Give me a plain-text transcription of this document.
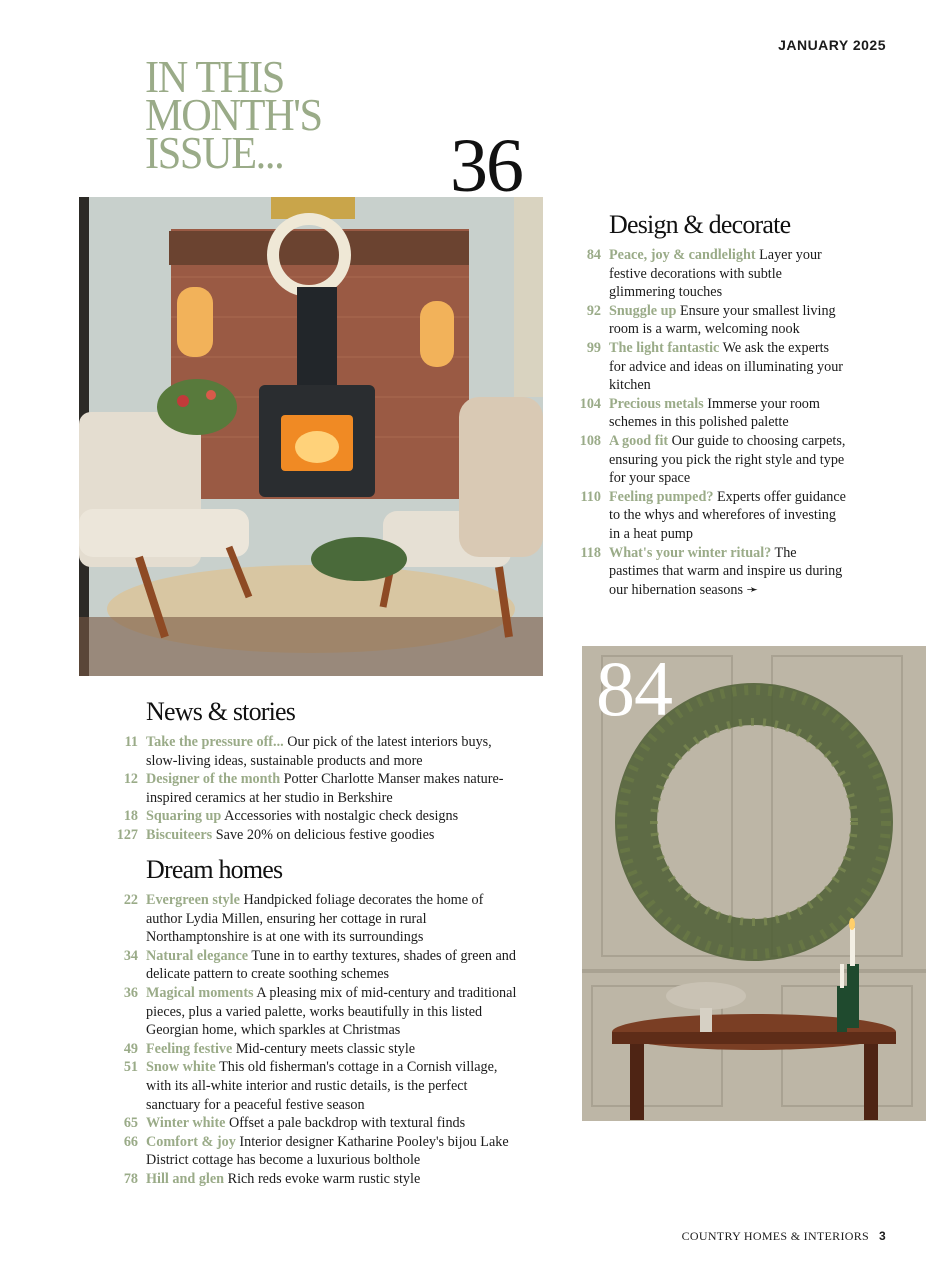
JANUARY 2025
IN THIS
MONTH'S
ISSUE...	36
84
Design & decorate
84 Peace, joy & candlelight Layer your festive decorations with subtle glimmering touches
92 Snuggle up Ensure your smallest living room is a warm, welcoming nook
99 The light fantastic We ask the experts for advice and ideas on illuminating your kitchen
104 Precious metals Immerse your room schemes in this polished palette
108 A good fit Our guide to choosing carpets, ensuring you pick the right style and type for your space
110 Feeling pumped? Experts offer guidance to the whys and wherefores of investing in a heat pump
118 What's your winter ritual? The pastimes that warm and inspire us during our hibernation seasons ➛
News & stories
11 Take the pressure off... Our pick of the latest interiors buys, slow-living ideas, sustainable products and more
12 Designer of the month Potter Charlotte Manser makes nature-inspired ceramics at her studio in Berkshire
18 Squaring up Accessories with nostalgic check designs
127 Biscuiteers Save 20% on delicious festive goodies
Dream homes
22 Evergreen style Handpicked foliage decorates the home of author Lydia Millen, ensuring her cottage in rural Northamptonshire is at one with its surroundings
34 Natural elegance Tune in to earthy textures, shades of green and delicate pattern to create soothing schemes
36 Magical moments A pleasing mix of mid-century and traditional pieces, plus a varied palette, works beautifully in this listed Georgian home, which sparkles at Christmas
49 Feeling festive Mid-century meets classic style
51 Snow white This old fisherman's cottage in a Cornish village, with its all-white interior and rustic details, is the perfect sanctuary for a peaceful festive season
65 Winter white Offset a pale backdrop with textural finds
66 Comfort & joy Interior designer Katharine Pooley's bijou Lake District cottage has become a luxurious bolthole
78 Hill and glen Rich reds evoke warm rustic style
COUNTRY HOMES & INTERIORS 3
